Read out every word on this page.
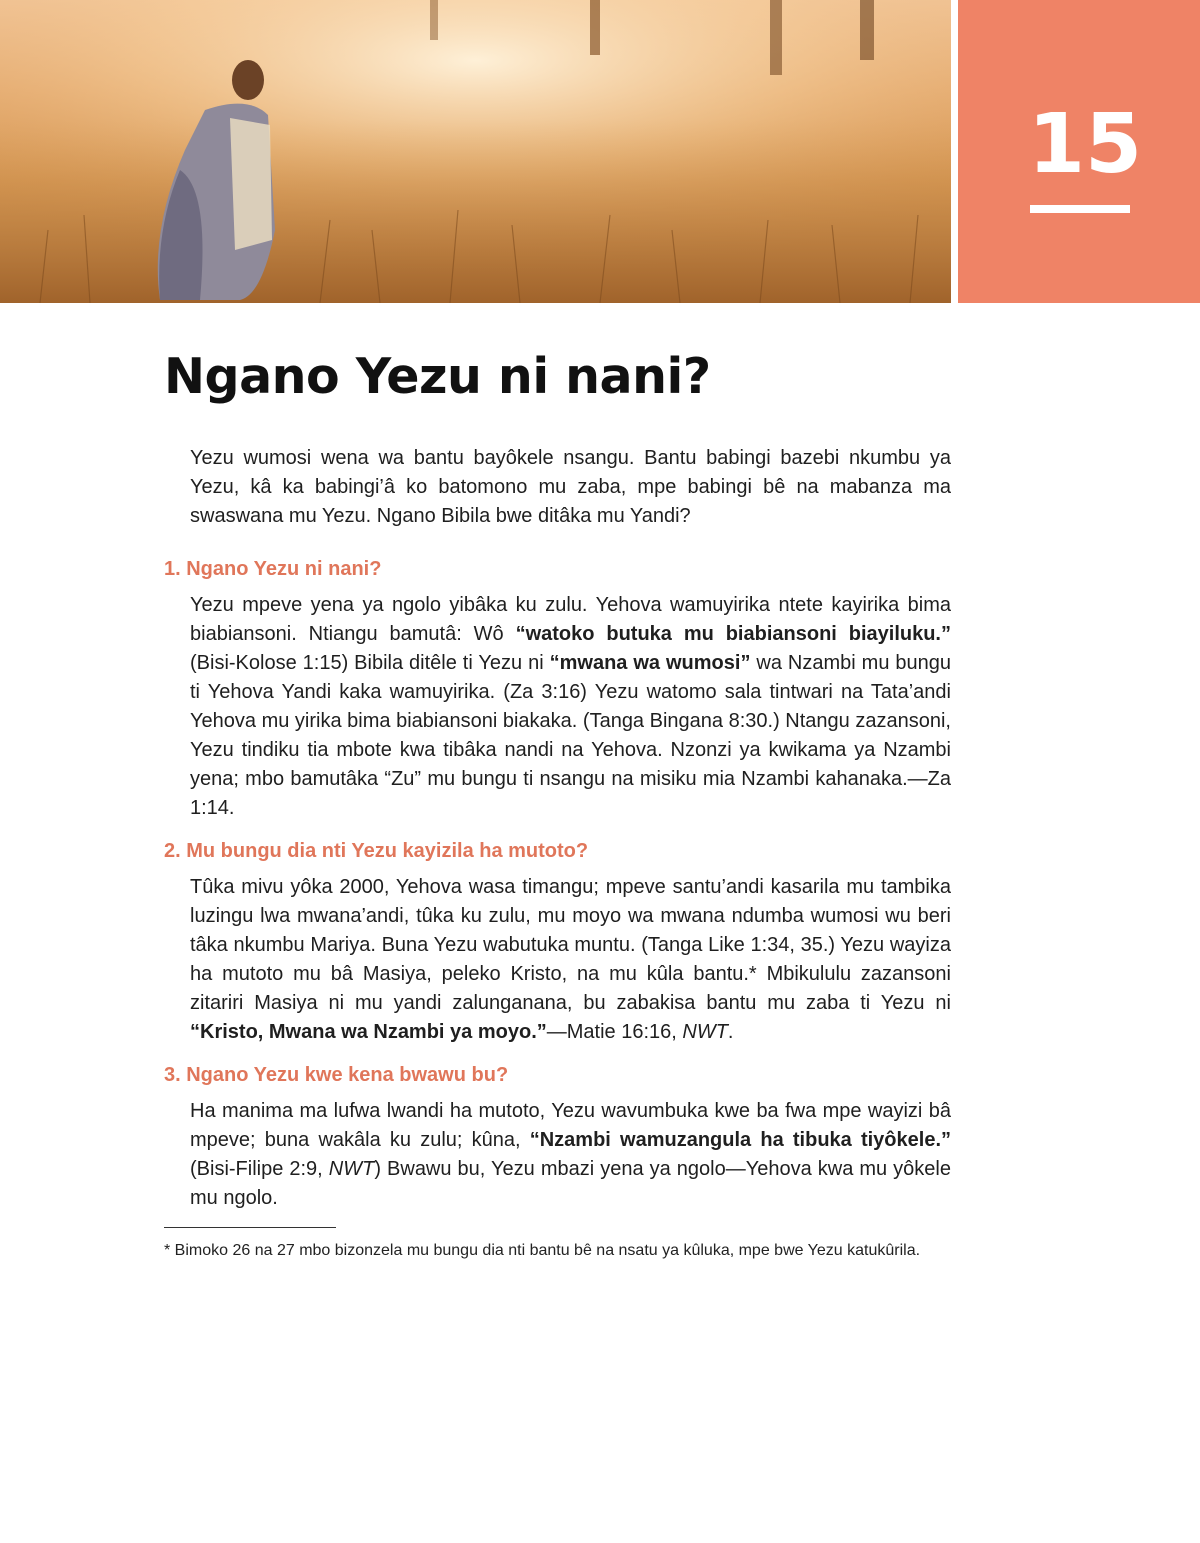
15
Ngano Yezu ni nani?

Yezu wumosi wena wa bantu bayôkele nsangu. Bantu babingi bazebi nkumbu ya Yezu, kâ ka babingi’â ko batomono mu zaba, mpe babingi bê na mabanza ma swaswana mu Yezu. Ngano Bibila bwe ditâka mu Yandi?

1. Ngano Yezu ni nani?

Yezu mpeve yena ya ngolo yibâka ku zulu. Yehova wamuyirika ntete kayirika bima biabiansoni. Ntiangu bamutâ: Wô “watoko butuka mu biabiansoni biayiluku.” (Bisi-Kolose 1:15) Bibila ditêle ti Yezu ni “mwana wa wumosi” wa Nzambi mu bungu ti Yehova Yandi kaka wamuyirika. (Za 3:16) Yezu watomo sala tintwari na Tata’andi Yehova mu yirika bima biabiansoni biakaka. (Tanga Bingana 8:30.) Ntangu zazansoni, Yezu tindiku tia mbote kwa tibâka nandi na Yehova. Nzonzi ya kwikama ya Nzambi yena; mbo bamutâka “Zu” mu bungu ti nsangu na misiku mia Nzambi kahanaka.—Za 1:14.

2. Mu bungu dia nti Yezu kayizila ha mutoto?

Tûka mivu yôka 2000, Yehova wasa timangu; mpeve santu’andi kasarila mu tambika luzingu lwa mwana’andi, tûka ku zulu, mu moyo wa mwana ndumba wumosi wu beri tâka nkumbu Mariya. Buna Yezu wabutuka muntu. (Tanga Like 1:34, 35.) Yezu wayiza ha mutoto mu bâ Masiya, peleko Kristo, na mu kûla bantu.* Mbikululu zazansoni zitariri Masiya ni mu yandi zalunganana, bu zabakisa bantu mu zaba ti Yezu ni “Kristo, Mwana wa Nzambi ya moyo.”—Matie 16:16, NWT.

3. Ngano Yezu kwe kena bwawu bu?

Ha manima ma lufwa lwandi ha mutoto, Yezu wavumbuka kwe ba fwa mpe wayizi bâ mpeve; buna wakâla ku zulu; kûna, “Nzambi wamuzangula ha tibuka tiyôkele.” (Bisi-Filipe 2:9, NWT) Bwawu bu, Yezu mbazi yena ya ngolo—Yehova kwa mu yôkele mu ngolo.

* Bimoko 26 na 27 mbo bizonzela mu bungu dia nti bantu bê na nsatu ya kûluka, mpe bwe Yezu katukûrila.
